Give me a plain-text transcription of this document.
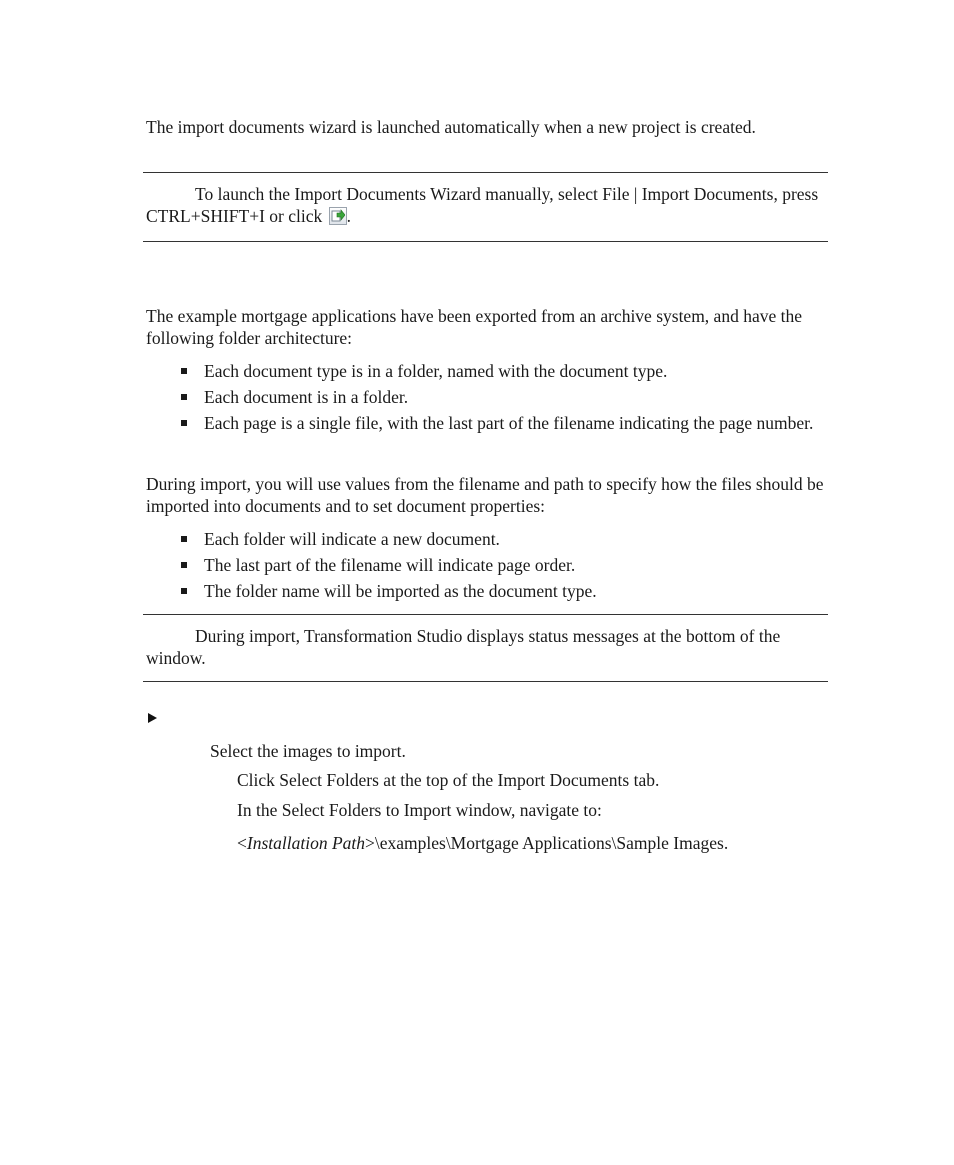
The import documents wizard is launched automatically when a new project is created.

To launch the Import Documents Wizard manually, select File | Import Documents, press CTRL+SHIFT+I or click
.

The example mortgage applications have been exported from an archive system, and have the following folder architecture:

Each document type is in a folder, named with the document type.
Each document is in a folder.
Each page is a single file, with the last part of the filename indicating the page number.

During import, you will use values from the filename and path to specify how the files should be imported into documents and to set document properties:

Each folder will indicate a new document.
The last part of the filename will indicate page order.
The folder name will be imported as the document type.

During import, Transformation Studio displays status messages at the bottom of the window.

Select the images to import.

Click Select Folders at the top of the Import Documents tab.

In the Select Folders to Import window, navigate to:

<Installation Path>\examples\Mortgage Applications\Sample Images.
